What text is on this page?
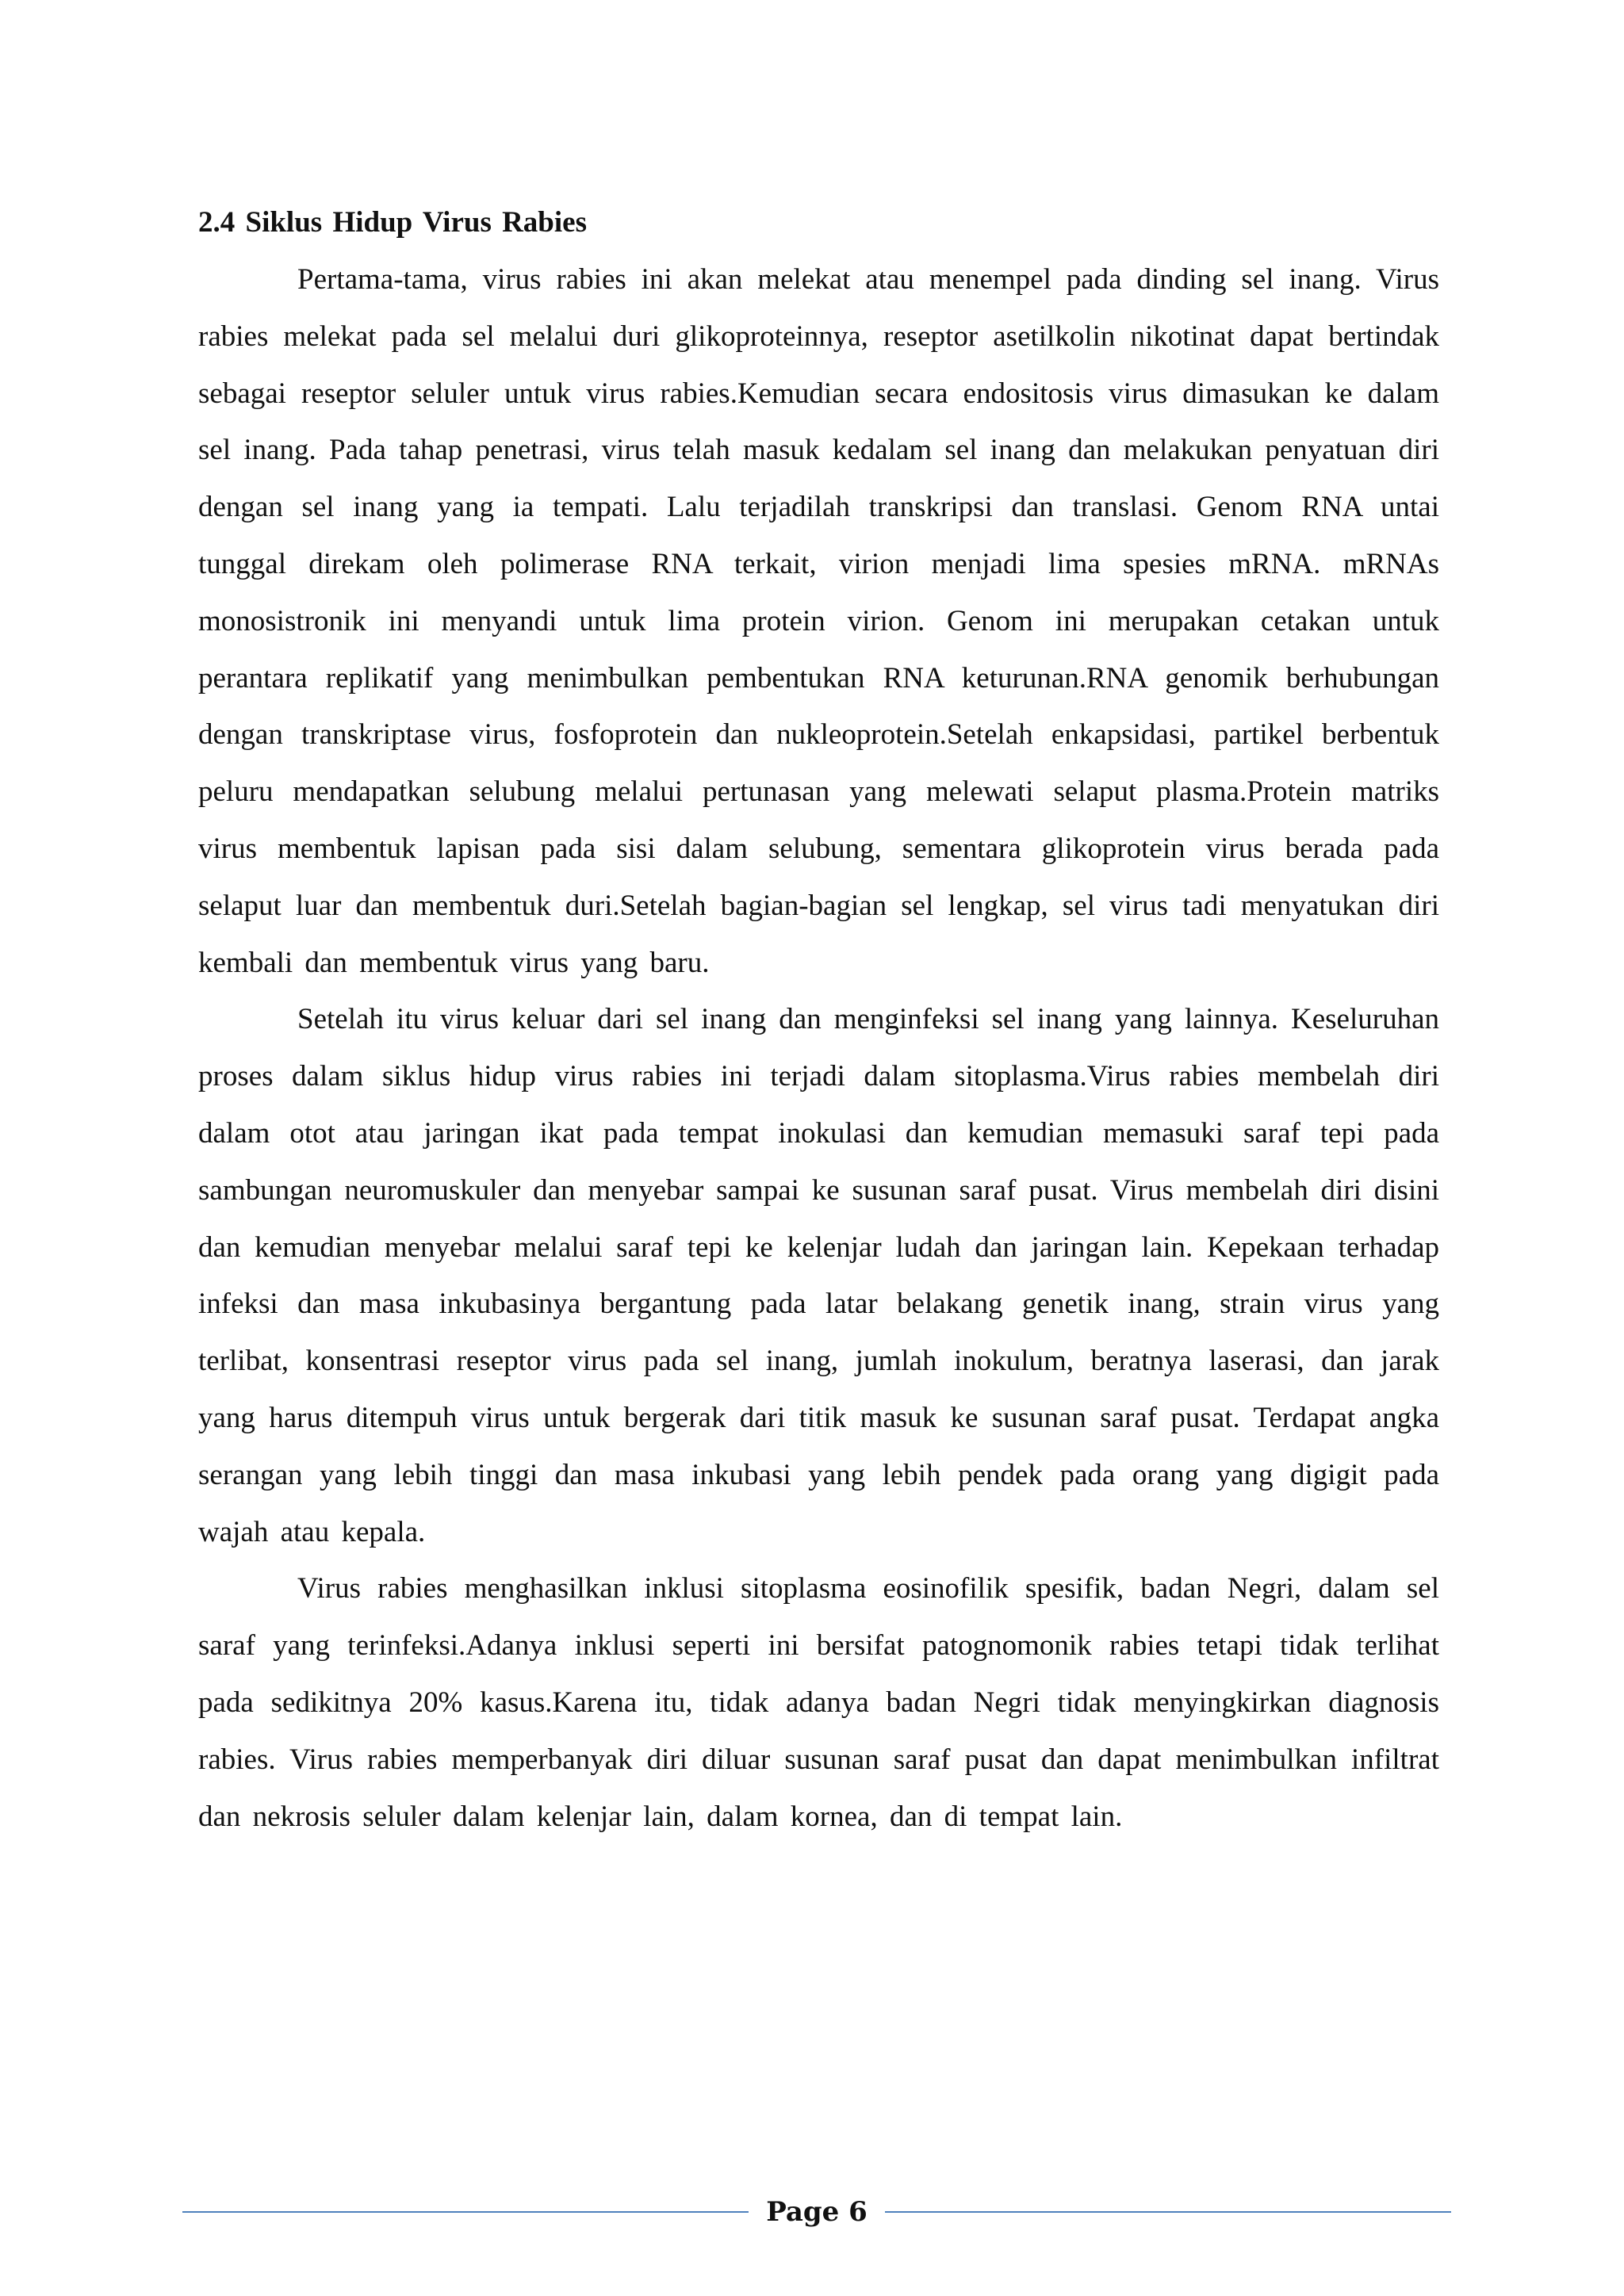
2.4 Siklus Hidup Virus Rabies

Pertama-tama, virus rabies ini akan melekat atau menempel pada dinding sel inang. Virus rabies melekat pada sel melalui duri glikoproteinnya, reseptor asetilkolin nikotinat dapat bertindak sebagai reseptor seluler untuk virus rabies.Kemudian secara endositosis virus dimasukan ke dalam sel inang. Pada tahap penetrasi, virus telah masuk kedalam sel inang dan melakukan penyatuan diri dengan sel inang yang ia tempati. Lalu terjadilah transkripsi dan translasi. Genom RNA untai tunggal direkam oleh polimerase RNA terkait, virion menjadi lima spesies mRNA. mRNAs monosistronik ini menyandi untuk lima protein virion. Genom ini merupakan cetakan untuk perantara replikatif yang menimbulkan pembentukan RNA keturunan.RNA genomik berhubungan dengan transkriptase virus, fosfoprotein dan nukleoprotein.Setelah enkapsidasi, partikel berbentuk peluru mendapatkan selubung melalui pertunasan yang melewati selaput plasma.Protein matriks virus membentuk lapisan pada sisi dalam selubung, sementara glikoprotein virus berada pada selaput luar dan membentuk duri.Setelah bagian-bagian sel lengkap, sel virus tadi menyatukan diri kembali dan membentuk virus yang baru.

Setelah itu virus keluar dari sel inang dan menginfeksi sel inang yang lainnya. Keseluruhan proses dalam siklus hidup virus rabies ini terjadi dalam sitoplasma.Virus rabies membelah diri dalam otot atau jaringan ikat pada tempat inokulasi dan kemudian memasuki saraf tepi pada sambungan neuromuskuler dan menyebar sampai ke susunan saraf pusat. Virus membelah diri disini dan kemudian menyebar melalui saraf tepi ke kelenjar ludah dan jaringan lain. Kepekaan terhadap infeksi dan masa inkubasinya bergantung pada latar belakang genetik inang, strain virus yang terlibat, konsentrasi reseptor virus pada sel inang, jumlah inokulum, beratnya laserasi, dan jarak yang harus ditempuh virus untuk bergerak dari titik masuk ke susunan saraf pusat. Terdapat angka serangan yang lebih tinggi dan masa inkubasi yang lebih pendek pada orang yang digigit pada wajah atau kepala.

Virus rabies menghasilkan inklusi sitoplasma eosinofilik spesifik, badan Negri, dalam sel saraf yang terinfeksi.Adanya inklusi seperti ini bersifat patognomonik rabies tetapi tidak terlihat pada sedikitnya 20% kasus.Karena itu, tidak adanya badan Negri tidak menyingkirkan diagnosis rabies. Virus rabies memperbanyak diri diluar susunan saraf pusat dan dapat menimbulkan infiltrat dan nekrosis seluler dalam kelenjar lain, dalam kornea, dan di tempat lain.

Page 6
